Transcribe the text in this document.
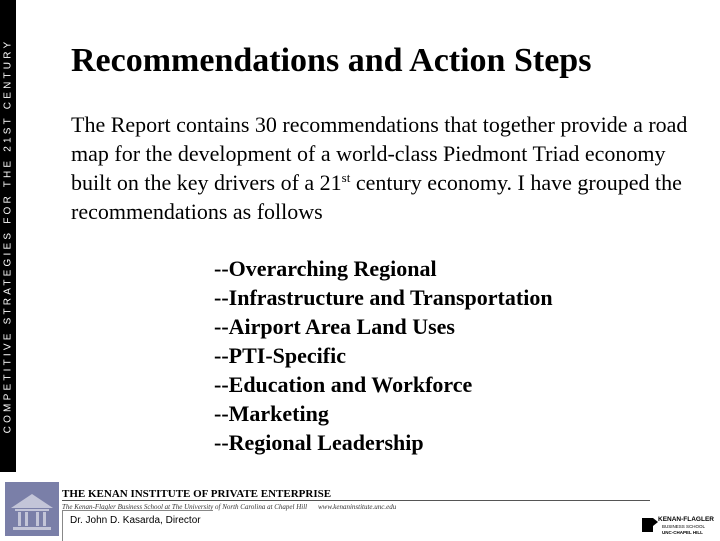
COMPETITIVE STRATEGIES FOR THE 21ST CENTURY Recommendations and Action Steps

The Report contains 30 recommendations that together provide a road map for the development of a world-class Piedmont Triad economy built on the key drivers of a 21st century economy. I have grouped the recommendations as follows

--Overarching Regional
--Infrastructure and Transportation
--Airport Area Land Uses
--PTI-Specific
--Education and Workforce
--Marketing
--Regional Leadership

THE KENAN INSTITUTE OF PRIVATE ENTERPRISE

The Kenan-Flagler Business School at The University of North Carolina at Chapel Hill www.kenaninstitute.unc.edu
Dr. John D. Kasarda, Director	KENAN-FLAGLER
BUSINESS SCHOOL
UNC-CHAPEL HILL
